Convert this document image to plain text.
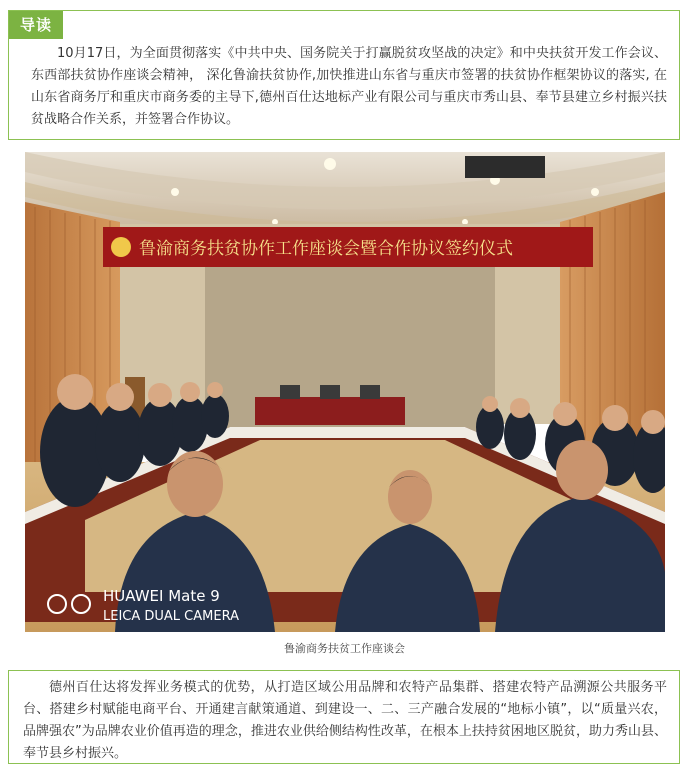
导读
10月17日，为全面贯彻落实《中共中央、国务院关于打赢脱贫攻坚战的决定》和中央扶贫开发工作会议、东西部扶贫协作座谈会精神， 深化鲁渝扶贫协作,加快推进山东省与重庆市签署的扶贫协作框架协议的落实, 在山东省商务厅和重庆市商务委的主导下,德州百仕达地标产业有限公司与重庆市秀山县、奉节县建立乡村振兴扶贫战略合作关系，并签署合作协议。
鲁渝商务扶贫协作工作座谈会暨合作协议签约仪式
HUAWEI Mate 9
LEICA DUAL CAMERA
鲁渝商务扶贫工作座谈会
德州百仕达将发挥业务模式的优势，从打造区域公用品牌和农特产品集群、搭建农特产品溯源公共服务平台、搭建乡村赋能电商平台、开通建言献策通道、到建设一、二、三产融合发展的“地标小镇”，以“质量兴农，品牌强农”为品牌农业价值再造的理念，推进农业供给侧结构性改革，在根本上扶持贫困地区脱贫，助力秀山县、奉节县乡村振兴。
